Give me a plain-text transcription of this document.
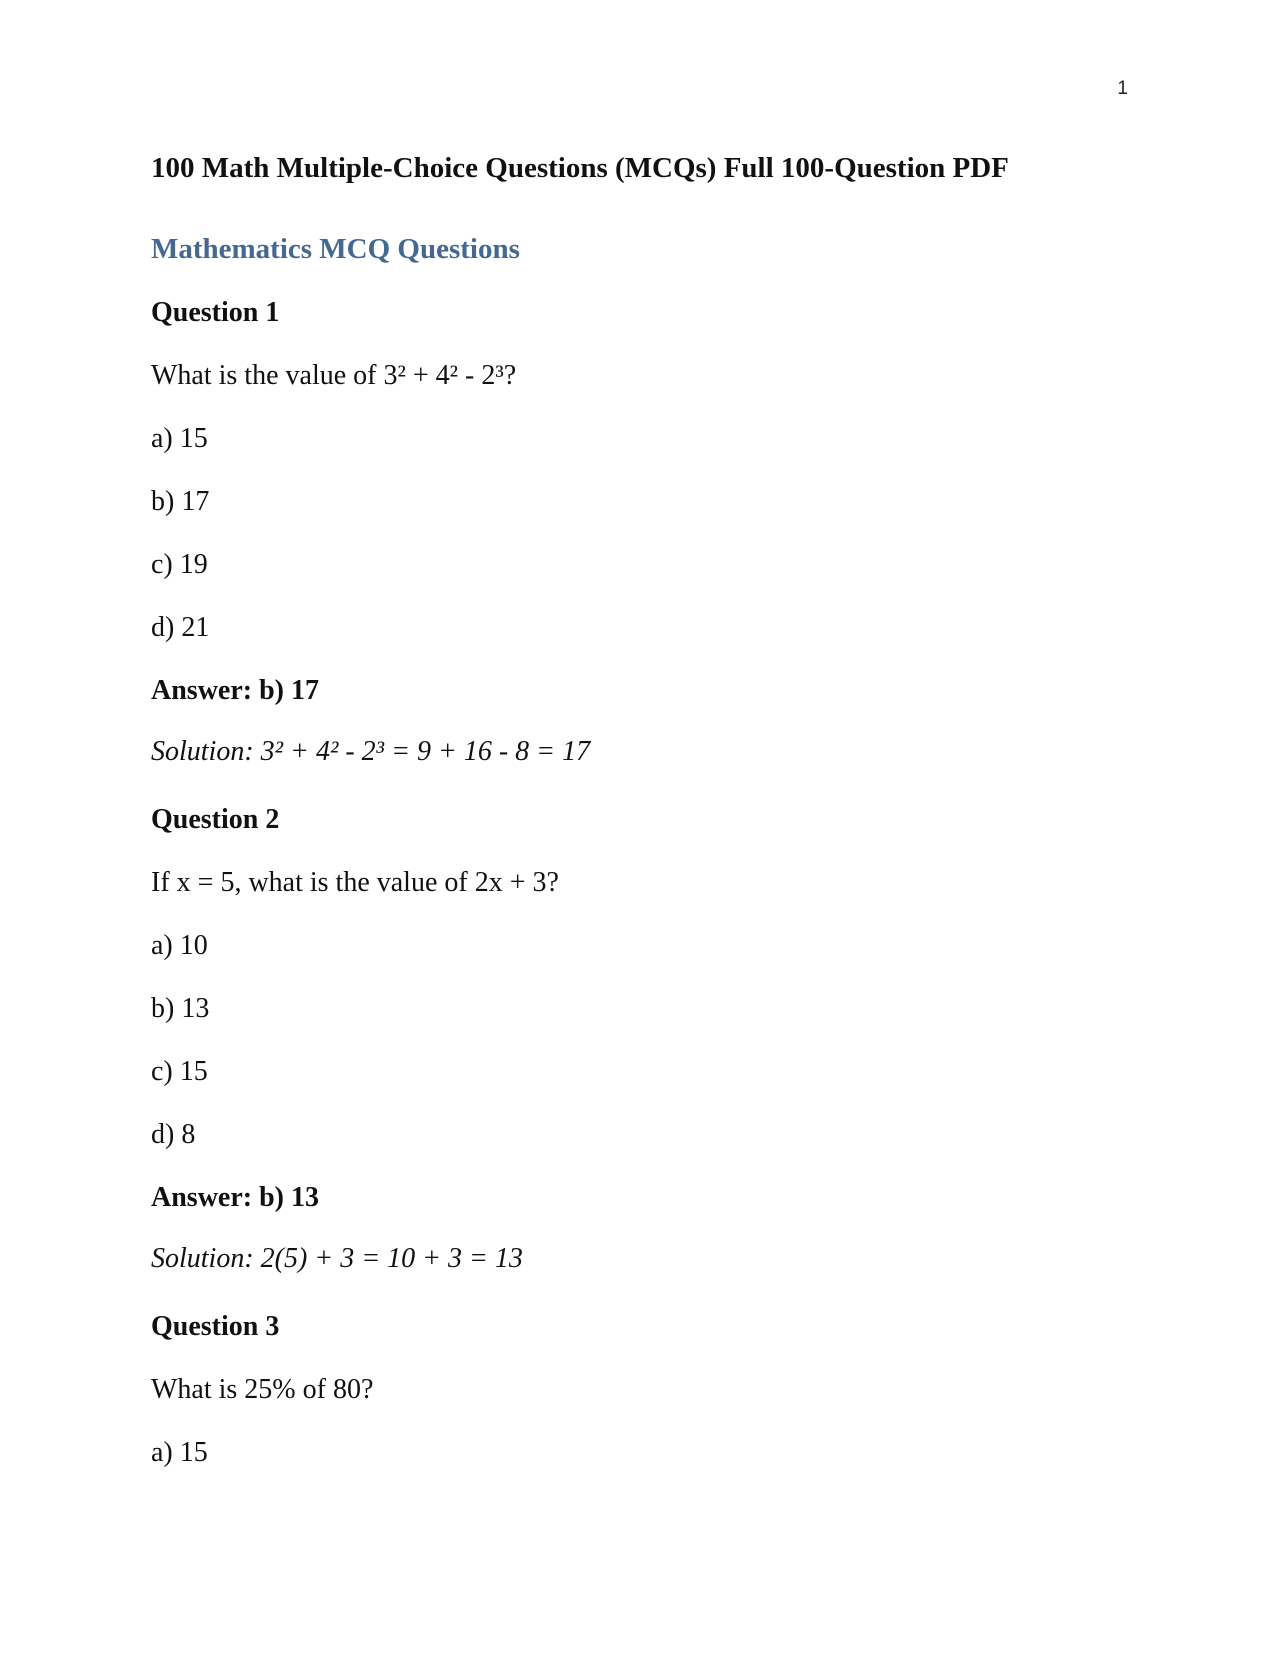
1
100 Math Multiple-Choice Questions (MCQs) Full 100-Question PDF
Mathematics MCQ Questions

Question 1

What is the value of 3² + 4² - 2³?

a) 15

b) 17

c) 19

d) 21

Answer: b) 17

Solution: 3² + 4² - 2³ = 9 + 16 - 8 = 17

Question 2

If x = 5, what is the value of 2x + 3?

a) 10

b) 13

c) 15

d) 8

Answer: b) 13

Solution: 2(5) + 3 = 10 + 3 = 13

Question 3

What is 25% of 80?

a) 15
